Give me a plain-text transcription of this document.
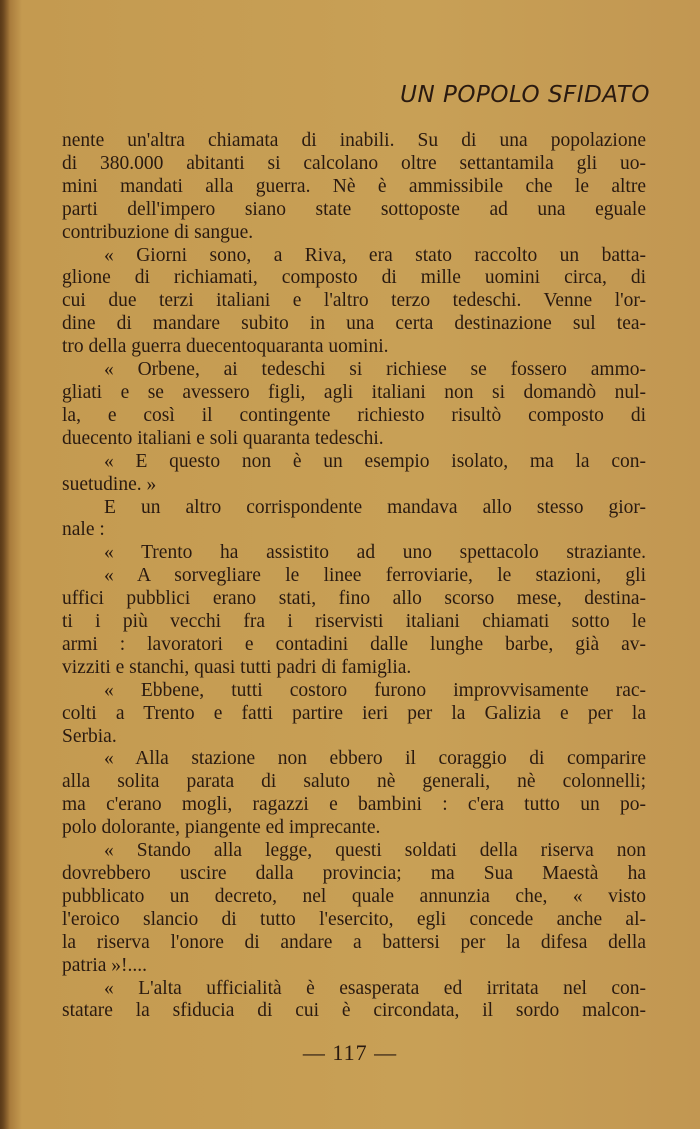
UN POPOLO SFIDATO
nente un'altra chiamata di inabili. Su di una popolazione
di 380.000 abitanti si calcolano oltre settantamila gli uo-
mini mandati alla guerra. Nè è ammissibile che le altre
parti dell'impero siano state sottoposte ad una eguale
contribuzione di sangue.
« Giorni sono, a Riva, era stato raccolto un batta-
glione di richiamati, composto di mille uomini circa, di
cui due terzi italiani e l'altro terzo tedeschi. Venne l'or-
dine di mandare subito in una certa destinazione sul tea-
tro della guerra duecentoquaranta uomini.
« Orbene, ai tedeschi si richiese se fossero ammo-
gliati e se avessero figli, agli italiani non si domandò nul-
la, e così il contingente richiesto risultò composto di
duecento italiani e soli quaranta tedeschi.
« E questo non è un esempio isolato, ma la con-
suetudine. »
E un altro corrispondente mandava allo stesso gior-
nale :
« Trento ha assistito ad uno spettacolo straziante.
« A sorvegliare le linee ferroviarie, le stazioni, gli
uffici pubblici erano stati, fino allo scorso mese, destina-
ti i più vecchi fra i riservisti italiani chiamati sotto le
armi : lavoratori e contadini dalle lunghe barbe, già av-
vizziti e stanchi, quasi tutti padri di famiglia.
« Ebbene, tutti costoro furono improvvisamente rac-
colti a Trento e fatti partire ieri per la Galizia e per la
Serbia.
« Alla stazione non ebbero il coraggio di comparire
alla solita parata di saluto nè generali, nè colonnelli;
ma c'erano mogli, ragazzi e bambini : c'era tutto un po-
polo dolorante, piangente ed imprecante.
« Stando alla legge, questi soldati della riserva non
dovrebbero uscire dalla provincia; ma Sua Maestà ha
pubblicato un decreto, nel quale annunzia che, « visto
l'eroico slancio di tutto l'esercito, egli concede anche al-
la riserva l'onore di andare a battersi per la difesa della
patria »!....
« L'alta ufficialità è esasperata ed irritata nel con-
statare la sfiducia di cui è circondata, il sordo malcon-
— 117 —
